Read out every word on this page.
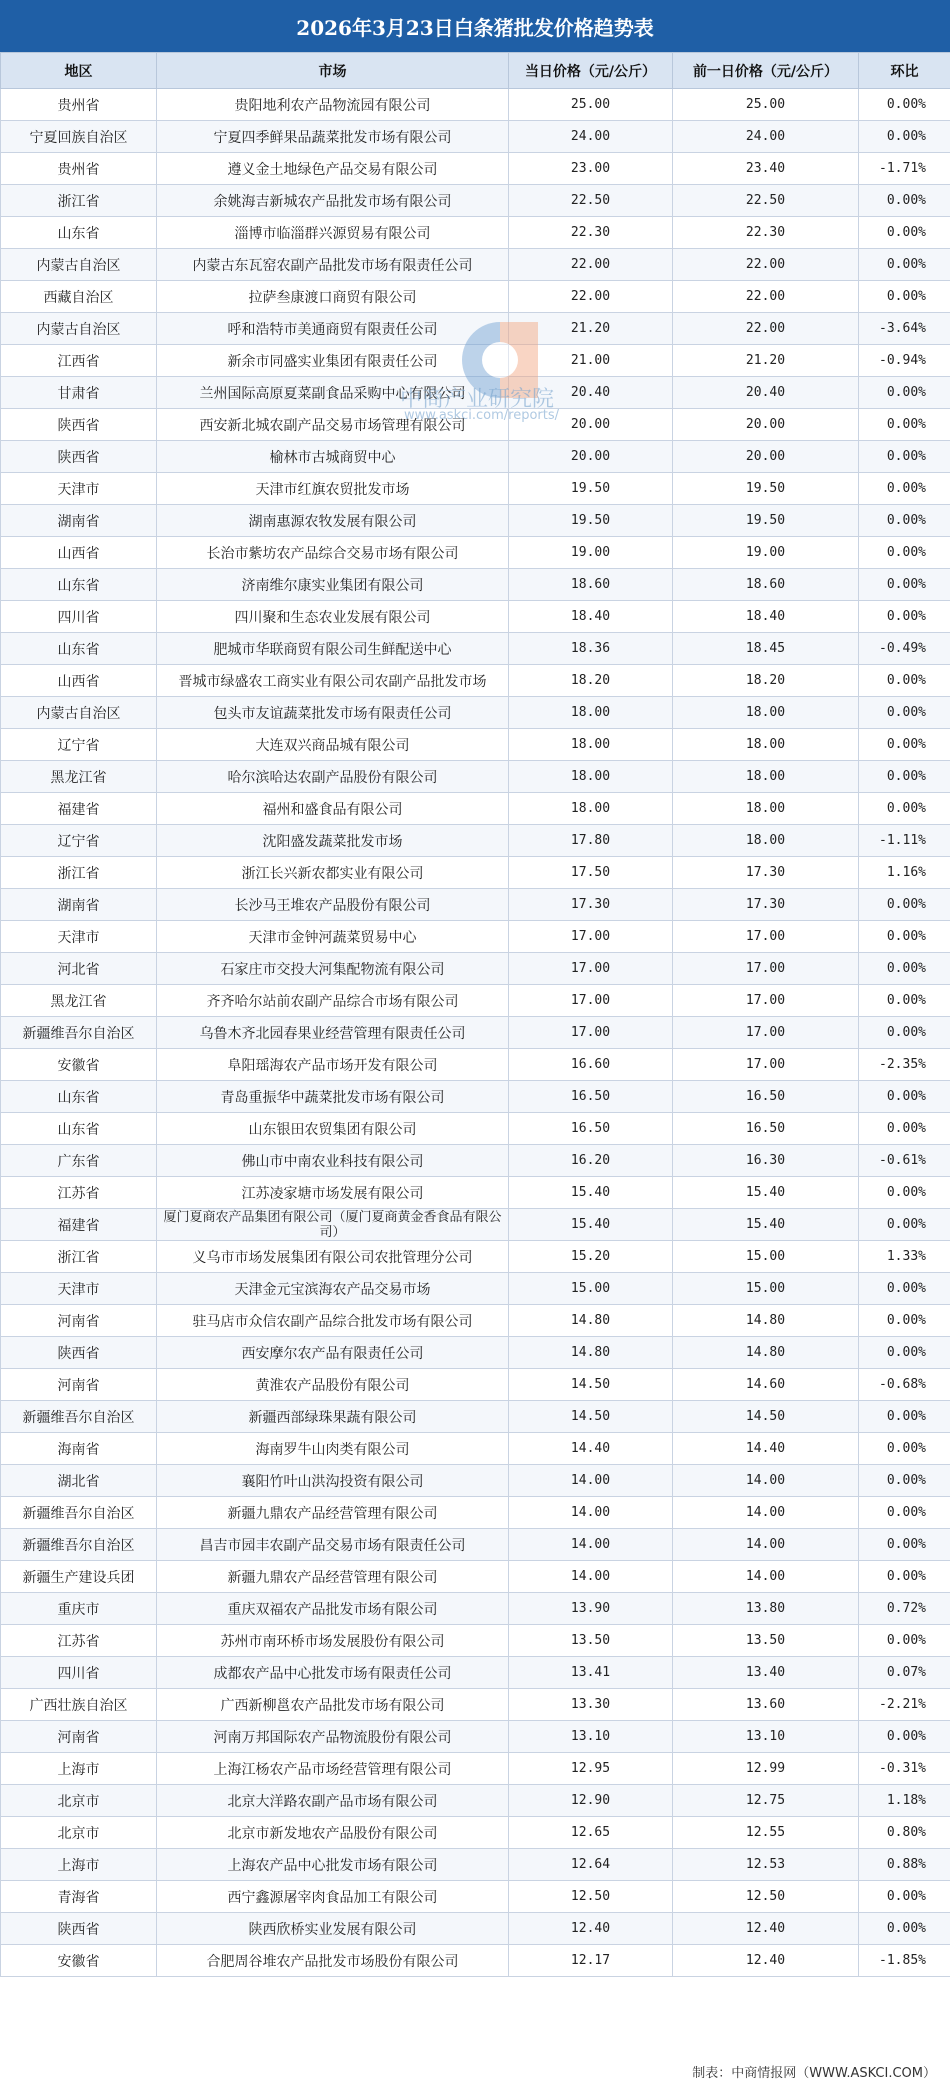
2026年3月23日白条猪批发价格趋势表
地区	市场	当日价格（元/公斤）	前一日价格（元/公斤）	环比
贵州省	贵阳地利农产品物流园有限公司	25.00	25.00	0.00%
宁夏回族自治区	宁夏四季鲜果品蔬菜批发市场有限公司	24.00	24.00	0.00%
贵州省	遵义金土地绿色产品交易有限公司	23.00	23.40	-1.71%
浙江省	余姚海吉新城农产品批发市场有限公司	22.50	22.50	0.00%
山东省	淄博市临淄群兴源贸易有限公司	22.30	22.30	0.00%
内蒙古自治区	内蒙古东瓦窑农副产品批发市场有限责任公司	22.00	22.00	0.00%
西藏自治区	拉萨叁康渡口商贸有限公司	22.00	22.00	0.00%
内蒙古自治区	呼和浩特市美通商贸有限责任公司	21.20	22.00	-3.64%
江西省	新余市同盛实业集团有限责任公司	21.00	21.20	-0.94%
甘肃省	兰州国际高原夏菜副食品采购中心有限公司	20.40	20.40	0.00%
陕西省	西安新北城农副产品交易市场管理有限公司	20.00	20.00	0.00%
陕西省	榆林市古城商贸中心	20.00	20.00	0.00%
天津市	天津市红旗农贸批发市场	19.50	19.50	0.00%
湖南省	湖南惠源农牧发展有限公司	19.50	19.50	0.00%
山西省	长治市紫坊农产品综合交易市场有限公司	19.00	19.00	0.00%
山东省	济南维尔康实业集团有限公司	18.60	18.60	0.00%
四川省	四川聚和生态农业发展有限公司	18.40	18.40	0.00%
山东省	肥城市华联商贸有限公司生鲜配送中心	18.36	18.45	-0.49%
山西省	晋城市绿盛农工商实业有限公司农副产品批发市场	18.20	18.20	0.00%
内蒙古自治区	包头市友谊蔬菜批发市场有限责任公司	18.00	18.00	0.00%
辽宁省	大连双兴商品城有限公司	18.00	18.00	0.00%
黑龙江省	哈尔滨哈达农副产品股份有限公司	18.00	18.00	0.00%
福建省	福州和盛食品有限公司	18.00	18.00	0.00%
辽宁省	沈阳盛发蔬菜批发市场	17.80	18.00	-1.11%
浙江省	浙江长兴新农都实业有限公司	17.50	17.30	1.16%
湖南省	长沙马王堆农产品股份有限公司	17.30	17.30	0.00%
天津市	天津市金钟河蔬菜贸易中心	17.00	17.00	0.00%
河北省	石家庄市交投大河集配物流有限公司	17.00	17.00	0.00%
黑龙江省	齐齐哈尔站前农副产品综合市场有限公司	17.00	17.00	0.00%
新疆维吾尔自治区	乌鲁木齐北园春果业经营管理有限责任公司	17.00	17.00	0.00%
安徽省	阜阳瑶海农产品市场开发有限公司	16.60	17.00	-2.35%
山东省	青岛重振华中蔬菜批发市场有限公司	16.50	16.50	0.00%
山东省	山东银田农贸集团有限公司	16.50	16.50	0.00%
广东省	佛山市中南农业科技有限公司	16.20	16.30	-0.61%
江苏省	江苏凌家塘市场发展有限公司	15.40	15.40	0.00%
福建省	厦门夏商农产品集团有限公司（厦门夏商黄金香食品有限公司）	15.40	15.40	0.00%
浙江省	义乌市市场发展集团有限公司农批管理分公司	15.20	15.00	1.33%
天津市	天津金元宝滨海农产品交易市场	15.00	15.00	0.00%
河南省	驻马店市众信农副产品综合批发市场有限公司	14.80	14.80	0.00%
陕西省	西安摩尔农产品有限责任公司	14.80	14.80	0.00%
河南省	黄淮农产品股份有限公司	14.50	14.60	-0.68%
新疆维吾尔自治区	新疆西部绿珠果蔬有限公司	14.50	14.50	0.00%
海南省	海南罗牛山肉类有限公司	14.40	14.40	0.00%
湖北省	襄阳竹叶山洪沟投资有限公司	14.00	14.00	0.00%
新疆维吾尔自治区	新疆九鼎农产品经营管理有限公司	14.00	14.00	0.00%
新疆维吾尔自治区	昌吉市园丰农副产品交易市场有限责任公司	14.00	14.00	0.00%
新疆生产建设兵团	新疆九鼎农产品经营管理有限公司	14.00	14.00	0.00%
重庆市	重庆双福农产品批发市场有限公司	13.90	13.80	0.72%
江苏省	苏州市南环桥市场发展股份有限公司	13.50	13.50	0.00%
四川省	成都农产品中心批发市场有限责任公司	13.41	13.40	0.07%
广西壮族自治区	广西新柳邕农产品批发市场有限公司	13.30	13.60	-2.21%
河南省	河南万邦国际农产品物流股份有限公司	13.10	13.10	0.00%
上海市	上海江杨农产品市场经营管理有限公司	12.95	12.99	-0.31%
北京市	北京大洋路农副产品市场有限公司	12.90	12.75	1.18%
北京市	北京市新发地农产品股份有限公司	12.65	12.55	0.80%
上海市	上海农产品中心批发市场有限公司	12.64	12.53	0.88%
青海省	西宁鑫源屠宰肉食品加工有限公司	12.50	12.50	0.00%
陕西省	陕西欣桥实业发展有限公司	12.40	12.40	0.00%
安徽省	合肥周谷堆农产品批发市场股份有限公司	12.17	12.40	-1.85%
中商产业研究院
www.askci.com/reports/
制表：中商情报网（WWW.ASKCI.COM）
